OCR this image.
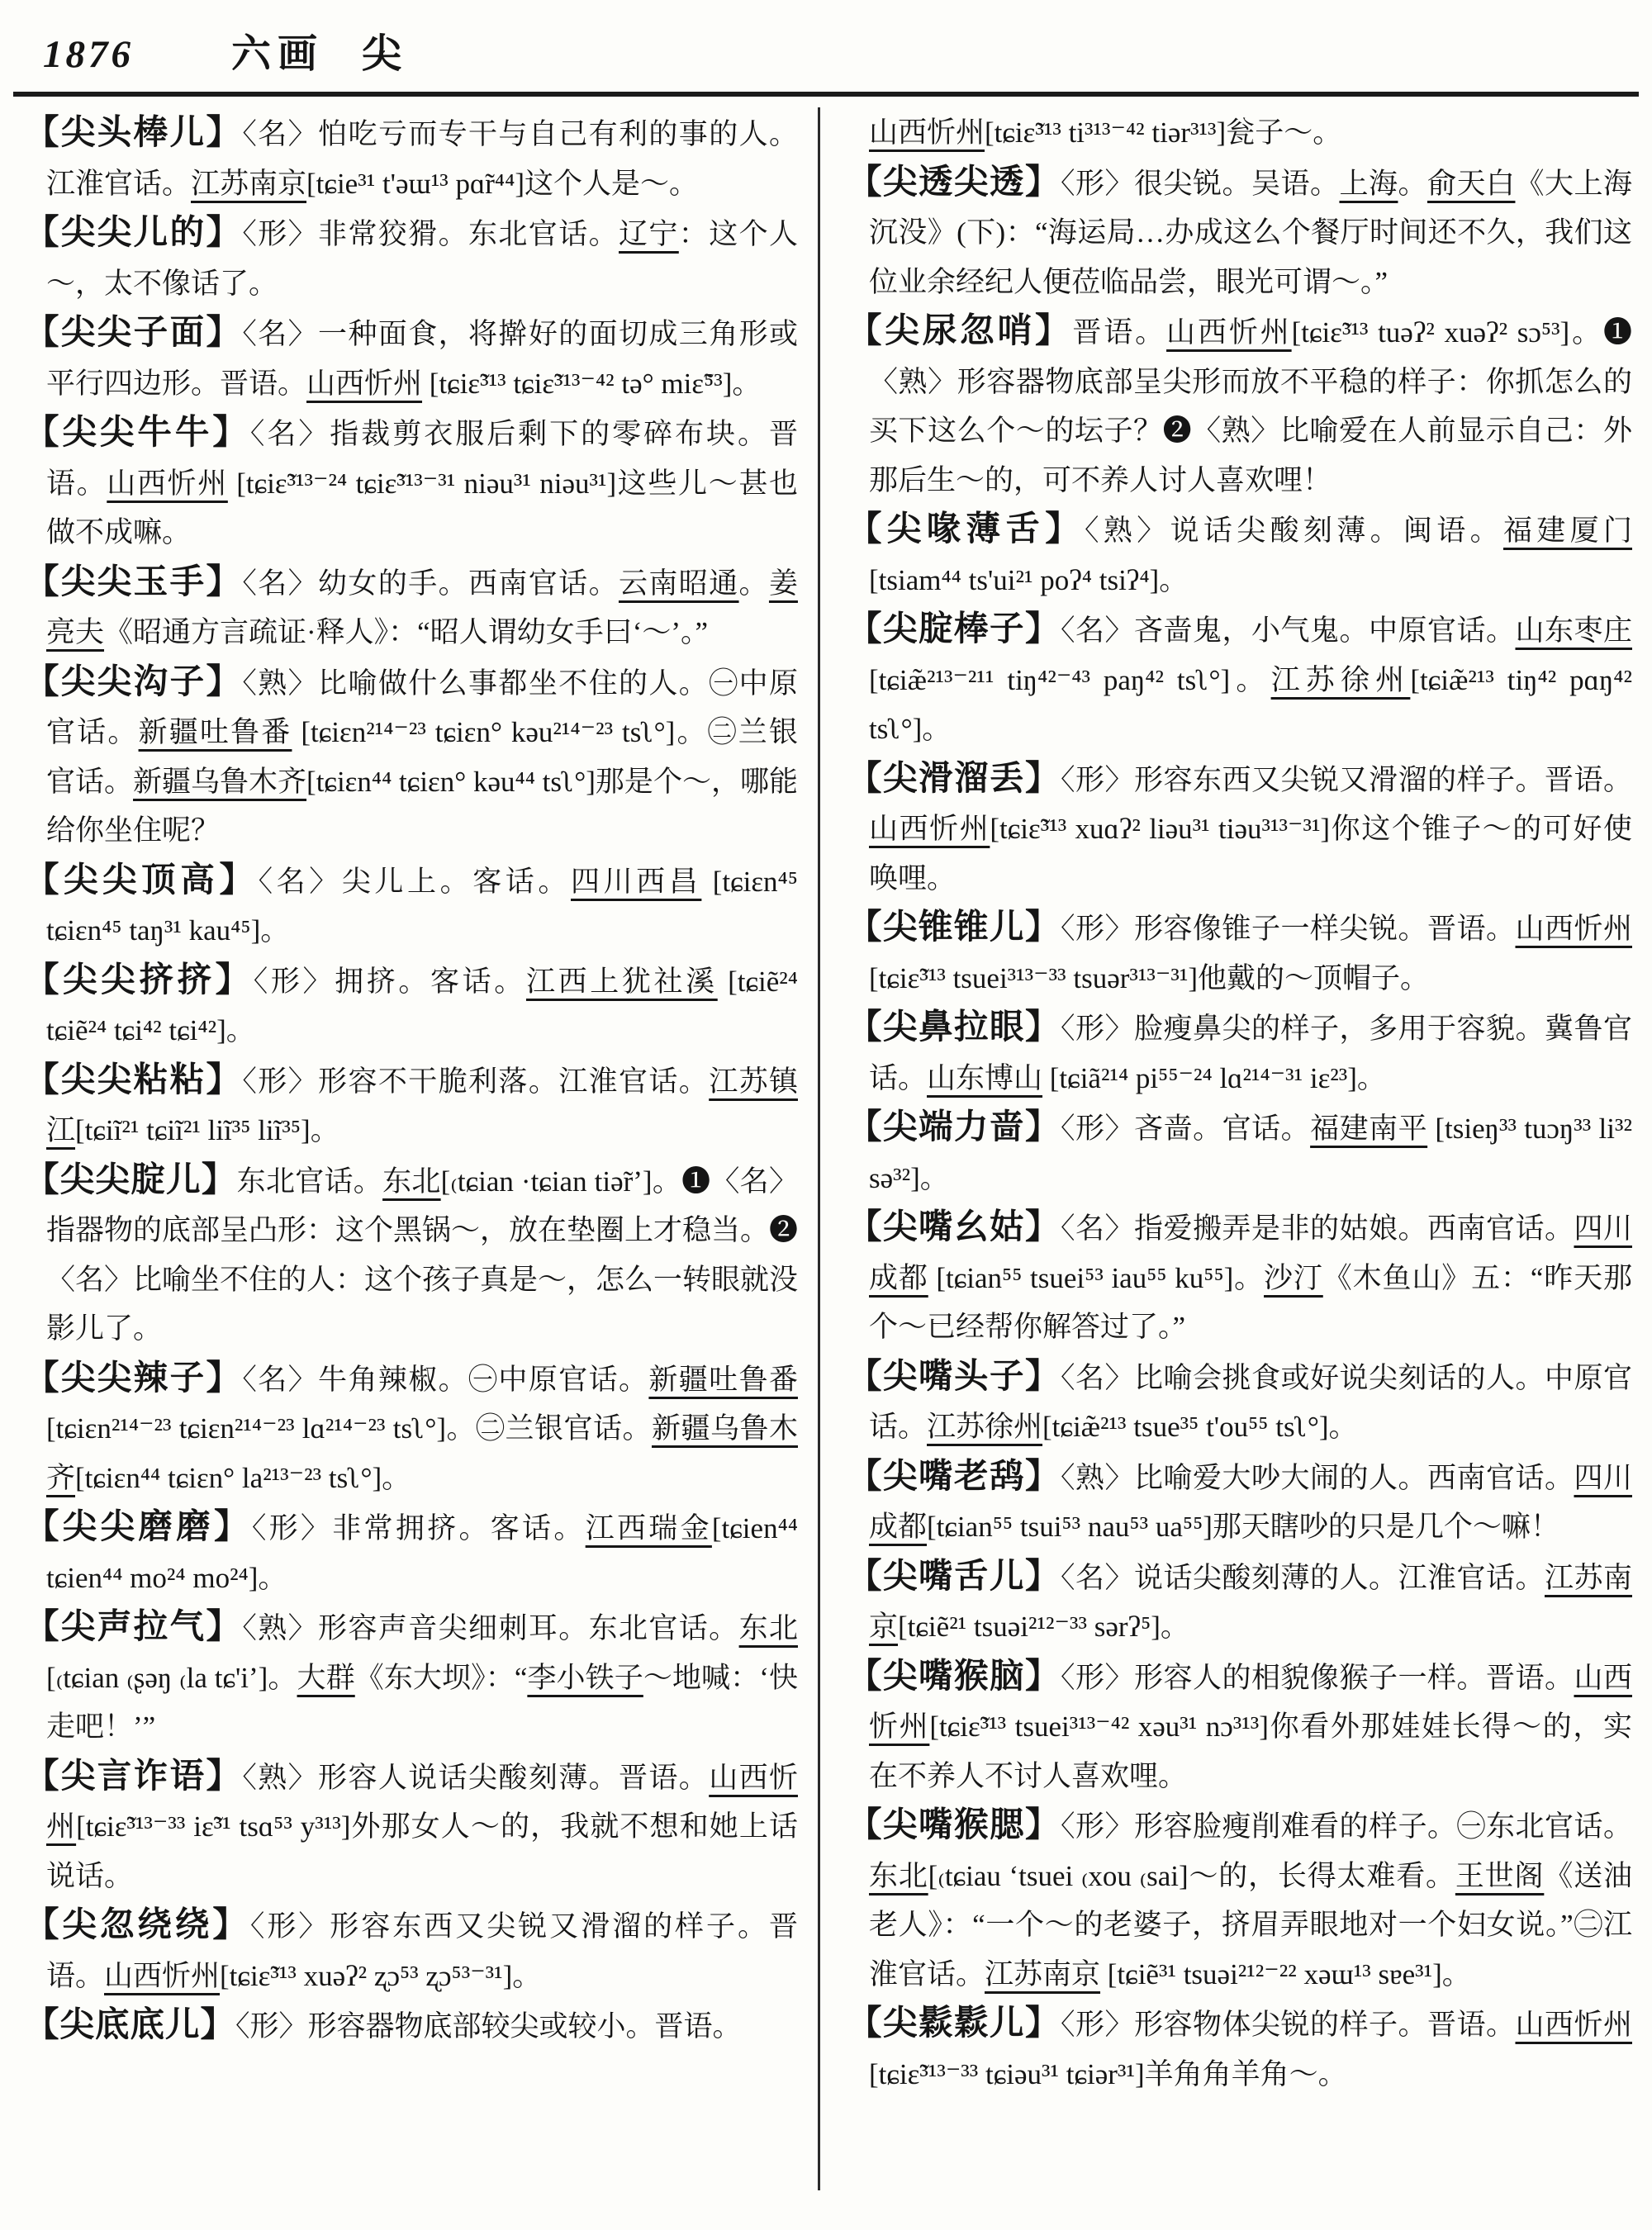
1876 六画 尖
【尖头棒儿】〈名〉怕吃亏而专干与自己有利的事的人。江淮官话。江苏南京[tɕie³¹ t'əɯ¹³ pɑ̃r⁴⁴]这个人是～。
【尖尖儿的】〈形〉非常狡猾。东北官话。辽宁：这个人～，太不像话了。
【尖尖子面】〈名〉一种面食，将擀好的面切成三角形或平行四边形。晋语。山西忻州 [tɕiɛ̃³¹³ tɕiɛ̃³¹³⁻⁴² tə° miɛ̃⁵³]。
【尖尖牛牛】〈名〉指裁剪衣服后剩下的零碎布块。晋语。山西忻州 [tɕiɛ̃³¹³⁻²⁴ tɕiɛ̃³¹³⁻³¹ niəu³¹ niəu³¹]这些儿～甚也做不成嘛。
【尖尖玉手】〈名〉幼女的手。西南官话。云南昭通。姜亮夫《昭通方言疏证·释人》：“昭人谓幼女手曰‘～’。”
【尖尖沟子】〈熟〉比喻做什么事都坐不住的人。㊀中原官话。新疆吐鲁番 [tɕiɛn²¹⁴⁻²³ tɕiɛn° kəu²¹⁴⁻²³ tsʅ°]。㊁兰银官话。新疆乌鲁木齐[tɕiɛn⁴⁴ tɕiɛn° kəu⁴⁴ tsʅ°]那是个～，哪能给你坐住呢？
【尖尖顶高】〈名〉尖儿上。客话。四川西昌 [tɕiɛn⁴⁵ tɕiɛn⁴⁵ taŋ³¹ kau⁴⁵]。
【尖尖挤挤】〈形〉拥挤。客话。江西上犹社溪 [tɕiẽ²⁴ tɕiẽ²⁴ tɕi⁴² tɕi⁴²]。
【尖尖粘粘】〈形〉形容不干脆利落。江淮官话。江苏镇江[tɕiĩ²¹ tɕiĩ²¹ liĩ³⁵ liĩ³⁵]。
【尖尖腚儿】东北官话。东北[₍tɕian ·tɕian tiə̃rʼ]。❶〈名〉指器物的底部呈凸形：这个黑锅～，放在垫圈上才稳当。❷〈名〉比喻坐不住的人：这个孩子真是～，怎么一转眼就没影儿了。
【尖尖辣子】〈名〉牛角辣椒。㊀中原官话。新疆吐鲁番[tɕiɛn²¹⁴⁻²³ tɕiɛn²¹⁴⁻²³ lɑ²¹⁴⁻²³ tsʅ°]。㊁兰银官话。新疆乌鲁木齐[tɕiɛn⁴⁴ tɕiɛn° la²¹³⁻²³ tsʅ°]。
【尖尖磨磨】〈形〉非常拥挤。客话。江西瑞金[tɕien⁴⁴ tɕien⁴⁴ mo²⁴ mo²⁴]。
【尖声拉气】〈熟〉形容声音尖细刺耳。东北官话。东北[₍tɕian ₍ʂəŋ ₍la tɕ'iʼ]。大群《东大坝》：“李小铁子～地喊：‘快走吧！’”
【尖言诈语】〈熟〉形容人说话尖酸刻薄。晋语。山西忻州[tɕiɛ̃³¹³⁻³³ iɛ̃³¹ tsɑ⁵³ y³¹³]外那女人～的，我就不想和她上话说话。
【尖忽绕绕】〈形〉形容东西又尖锐又滑溜的样子。晋语。山西忻州[tɕiɛ̃³¹³ xuəʔ² ʐɔ⁵³ ʐɔ⁵³⁻³¹]。
【尖底底儿】〈形〉形容器物底部较尖或较小。晋语。
山西忻州[tɕiɛ̃³¹³ ti³¹³⁻⁴² tiər³¹³]瓮子～。
【尖透尖透】〈形〉很尖锐。吴语。上海。俞天白《大上海沉没》(下)：“海运局…办成这么个餐厅时间还不久，我们这位业余经纪人便莅临品尝，眼光可谓～。”
【尖尿忽哨】晋语。山西忻州[tɕiɛ̃³¹³ tuəʔ² xuəʔ² sɔ⁵³]。❶〈熟〉形容器物底部呈尖形而放不平稳的样子：你抓怎么的买下这么个～的坛子？❷〈熟〉比喻爱在人前显示自己：外那后生～的，可不养人讨人喜欢哩！
【尖喙薄舌】〈熟〉说话尖酸刻薄。闽语。福建厦门 [tsiam⁴⁴ ts'ui²¹ poʔ⁴ tsiʔ⁴]。
【尖腚棒子】〈名〉吝啬鬼，小气鬼。中原官话。山东枣庄 [tɕiæ̃²¹³⁻²¹¹ tiŋ⁴²⁻⁴³ paŋ⁴² tsʅ°]。江苏徐州[tɕiæ̃²¹³ tiŋ⁴² pɑŋ⁴² tsʅ°]。
【尖滑溜丢】〈形〉形容东西又尖锐又滑溜的样子。晋语。山西忻州[tɕiɛ̃³¹³ xuɑʔ² liəu³¹ tiəu³¹³⁻³¹]你这个锥子～的可好使唤哩。
【尖锥锥儿】〈形〉形容像锥子一样尖锐。晋语。山西忻州[tɕiɛ̃³¹³ tsuei³¹³⁻³³ tsuər³¹³⁻³¹]他戴的～顶帽子。
【尖鼻拉眼】〈形〉脸瘦鼻尖的样子，多用于容貌。冀鲁官话。山东博山 [tɕiã²¹⁴ pi⁵⁵⁻²⁴ lɑ²¹⁴⁻³¹ iɛ²³]。
【尖端力啬】〈形〉吝啬。官话。福建南平 [tsieŋ³³ tuɔŋ³³ li³² sə³²]。
【尖嘴幺姑】〈名〉指爱搬弄是非的姑娘。西南官话。四川成都 [tɕian⁵⁵ tsuei⁵³ iau⁵⁵ ku⁵⁵]。沙汀《木鱼山》五：“昨天那个～已经帮你解答过了。”
【尖嘴头子】〈名〉比喻会挑食或好说尖刻话的人。中原官话。江苏徐州[tɕiæ̃²¹³ tsue³⁵ t'ou⁵⁵ tsʅ°]。
【尖嘴老鸹】〈熟〉比喻爱大吵大闹的人。西南官话。四川成都[tɕian⁵⁵ tsui⁵³ nau⁵³ ua⁵⁵]那天瞎吵的只是几个～嘛！
【尖嘴舌儿】〈名〉说话尖酸刻薄的人。江淮官话。江苏南京[tɕiẽ²¹ tsuəi²¹²⁻³³ sərʔ⁵]。
【尖嘴猴脑】〈形〉形容人的相貌像猴子一样。晋语。山西忻州[tɕiɛ̃³¹³ tsuei³¹³⁻⁴² xəu³¹ nɔ³¹³]你看外那娃娃长得～的，实在不养人不讨人喜欢哩。
【尖嘴猴腮】〈形〉形容脸瘦削难看的样子。㊀东北官话。东北[₍tɕiau ʻtsuei ₍xou ₍sai]～的，长得太难看。王世阁《送油老人》：“一个～的老婆子，挤眉弄眼地对一个妇女说。”㊁江淮官话。江苏南京 [tɕiẽ³¹ tsuəi²¹²⁻²² xəɯ¹³ sɐe³¹]。
【尖鬏鬏儿】〈形〉形容物体尖锐的样子。晋语。山西忻州[tɕiɛ̃³¹³⁻³³ tɕiəu³¹ tɕiər³¹]羊角角羊角～。
